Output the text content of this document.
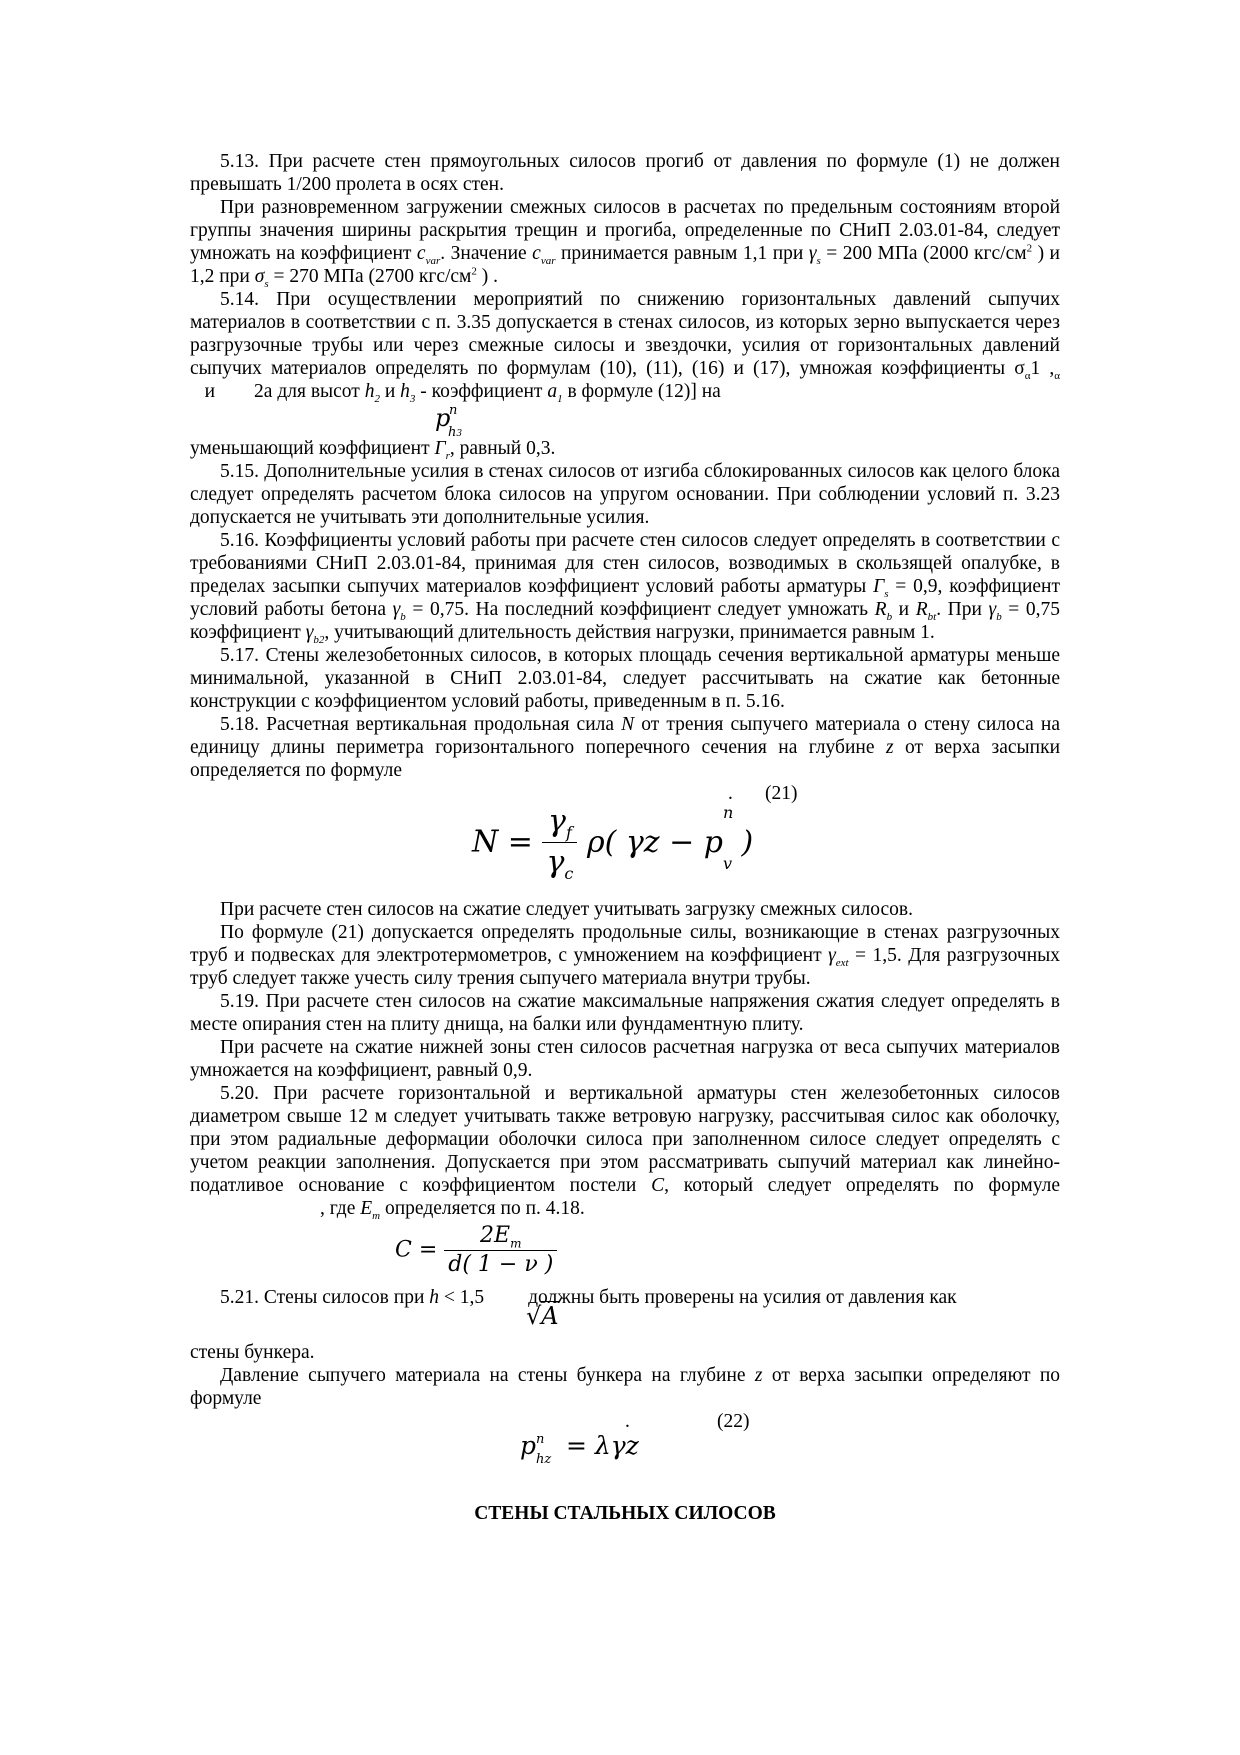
5.13. При расчете стен прямоугольных силосов прогиб от давления по формуле (1) не должен превышать 1/200 пролета в осях стен.

При разновременном загружении смежных силосов в расчетах по предельным состояниям второй группы значения ширины раскрытия трещин и прогиба, определенные по СНиП 2.03.01-84, следует умножать на коэффициент $c_{var}$. Значение $c_{var}$ принимается равным 1,1 при $\gamma_s = 200$ МПа (2000 кгс/$см^2$ ) и 1,2 при $\sigma_s = 270$ МПа (2700 кгс/$см^2$ ) .

5.14. При осуществлении мероприятий по снижению горизонтальных давлений сыпучих материалов в соответствии с п. 3.35 допускается в стенах силосов, из которых зерно выпускается через разгрузочные трубы или через смежные силосы и звездочки, усилия от горизонтальных давлений сыпучих материалов определять по формулам (10), (11), (16) и (17), умножая коэффициенты $\sigma_\alpha 1$ $,_\alpha$   и        2а для высот $h_2$ и $h_3$ - коэффициент $a_1$ в формуле (12)] на

p
n
h3

уменьшающий коэффициент $\Gamma_r$, равный 0,3.

5.15. Дополнительные усилия в стенах силосов от изгиба сблокированных силосов как целого блока следует определять расчетом блока силосов на упругом основании. При соблюдении условий п. 3.23 допускается не учитывать эти дополнительные усилия.

5.16. Коэффициенты условий работы при расчете стен силосов следует определять в соответствии с требованиями СНиП 2.03.01-84, принимая для стен силосов, возводимых в скользящей опалубке, в пределах засыпки сыпучих материалов коэффициент условий работы арматуры $\Gamma_s = 0,9$, коэффициент условий работы бетона $\gamma_b = 0,75$. На последний коэффициент следует умножать $R_b$ и $R_{bt}$. При $\gamma_b = 0,75$ коэффициент $\gamma_{b2}$, учитывающий длительность действия нагрузки, принимается равным 1.

5.17. Стены железобетонных силосов, в которых площадь сечения вертикальной арматуры меньше минимальной, указанной в СНиП 2.03.01-84, следует рассчитывать на сжатие как бетонные конструкции с коэффициентом условий работы, приведенным в п. 5.16.

5.18. Расчетная вертикальная продольная сила N от трения сыпучего материала о стену силоса на единицу длины периметра горизонтального поперечного сечения на глубине z от верха засыпки определяется по формуле

. (21)
$N = \frac{\gamma_f}{\gamma_c} \rho$( γz − p
n
$_v$ )

При расчете стен силосов на сжатие следует учитывать загрузку смежных силосов.

По формуле (21) допускается определять продольные силы, возникающие в стенах разгрузочных труб и подвесках для электротермометров, с умножением на коэффициент $\gamma_{ext} = 1,5$. Для разгрузочных труб следует также учесть силу трения сыпучего материала внутри трубы.

5.19. При расчете стен силосов на сжатие максимальные напряжения сжатия следует определять в месте опирания стен на плиту днища, на балки или фундаментную плиту.

При расчете на сжатие нижней зоны стен силосов расчетная нагрузка от веса сыпучих материалов умножается на коэффициент, равный 0,9.

5.20. При расчете горизонтальной и вертикальной арматуры стен железобетонных силосов диаметром свыше 12 м следует учитывать также ветровую нагрузку, рассчитывая силос как оболочку, при этом радиальные деформации оболочки силоса при заполненном силосе следует определять с учетом реакции заполнения. Допускается при этом рассматривать сыпучий материал как линейно-податливое основание с коэффициентом постели C, который следует определять по формуле, где $E_m$ определяется по п. 4.18.

$C = \frac{2E_m}{d( 1 - \nu )}$

5.21. Стены силосов при h < 1,5 должны быть проверены на усилия от давления как

√A

стены бункера.

Давление сыпучего материала на стены бункера на глубине z от верха засыпки определяют по формуле

.	(22)
p n
hz = λγz

СТЕНЫ СТАЛЬНЫХ СИЛОСОВ
